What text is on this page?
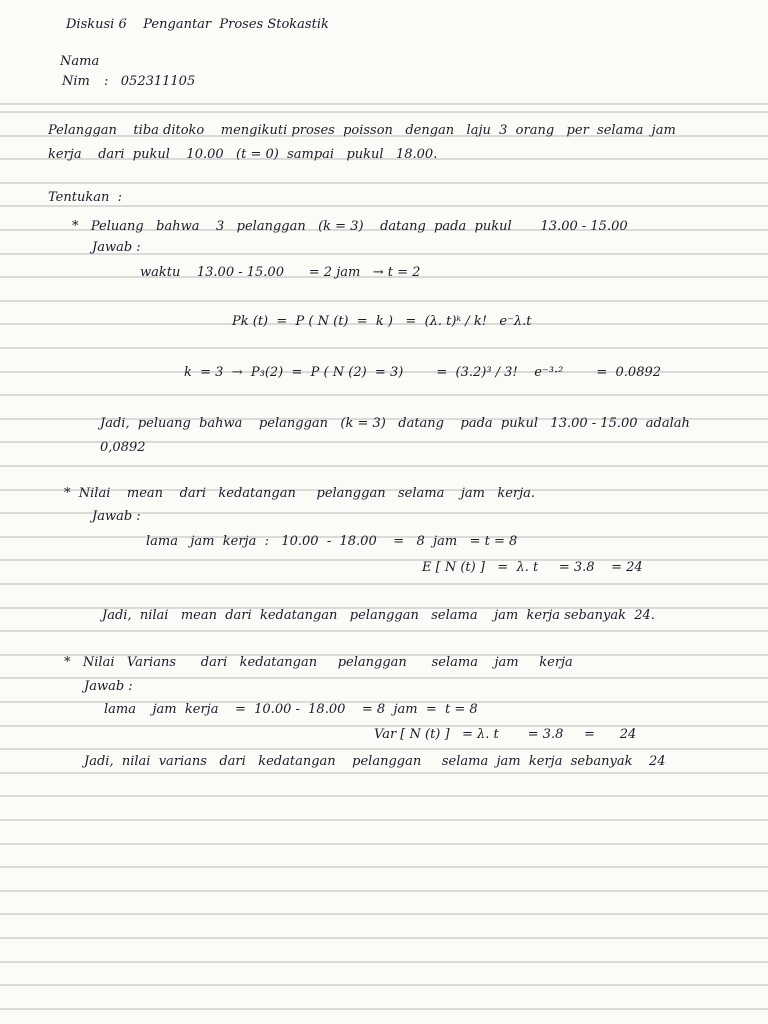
Diskusi 6    Pengantar  Proses Stokastik

Nama

Nim :   052311105

Pelanggan    tiba ditoko    mengikuti proses  poisson   dengan   laju  3  orang   per  selama  jam

kerja    dari  pukul    10.00   (t = 0)  sampai   pukul   18.00.

Tentukan  :

*   Peluang   bahwa    3   pelanggan   (k = 3)    datang  pada  pukul       13.00 - 15.00

Jawab :

waktu    13.00 - 15.00      = 2 jam   → t = 2

Pk (t)  =  P ( N (t)  =  k )   =  (λ. t)ᵏ / k!   e⁻λ.t

k  = 3  →  P₃(2)  =  P ( N (2)  = 3)        =  (3.2)³ / 3!    e⁻³·²        =  0.0892

Jadi,  peluang  bahwa    pelanggan   (k = 3)   datang    pada  pukul   13.00 - 15.00  adalah

0,0892

*  Nilai    mean    dari   kedatangan     pelanggan   selama    jam   kerja.

Jawab :

lama   jam  kerja  :   10.00  -  18.00    =   8  jam   = t = 8

E [ N (t) ]   =  λ. t     = 3.8    = 24

Jadi,  nilai   mean  dari  kedatangan   pelanggan   selama    jam  kerja sebanyak  24.

*   Nilai   Varians      dari   kedatangan     pelanggan      selama    jam     kerja

Jawab :

lama    jam  kerja    =  10.00 -  18.00    = 8  jam  =  t = 8

Var [ N (t) ]   = λ. t       = 3.8     =      24

Jadi,  nilai  varians   dari   kedatangan    pelanggan     selama  jam  kerja  sebanyak    24
